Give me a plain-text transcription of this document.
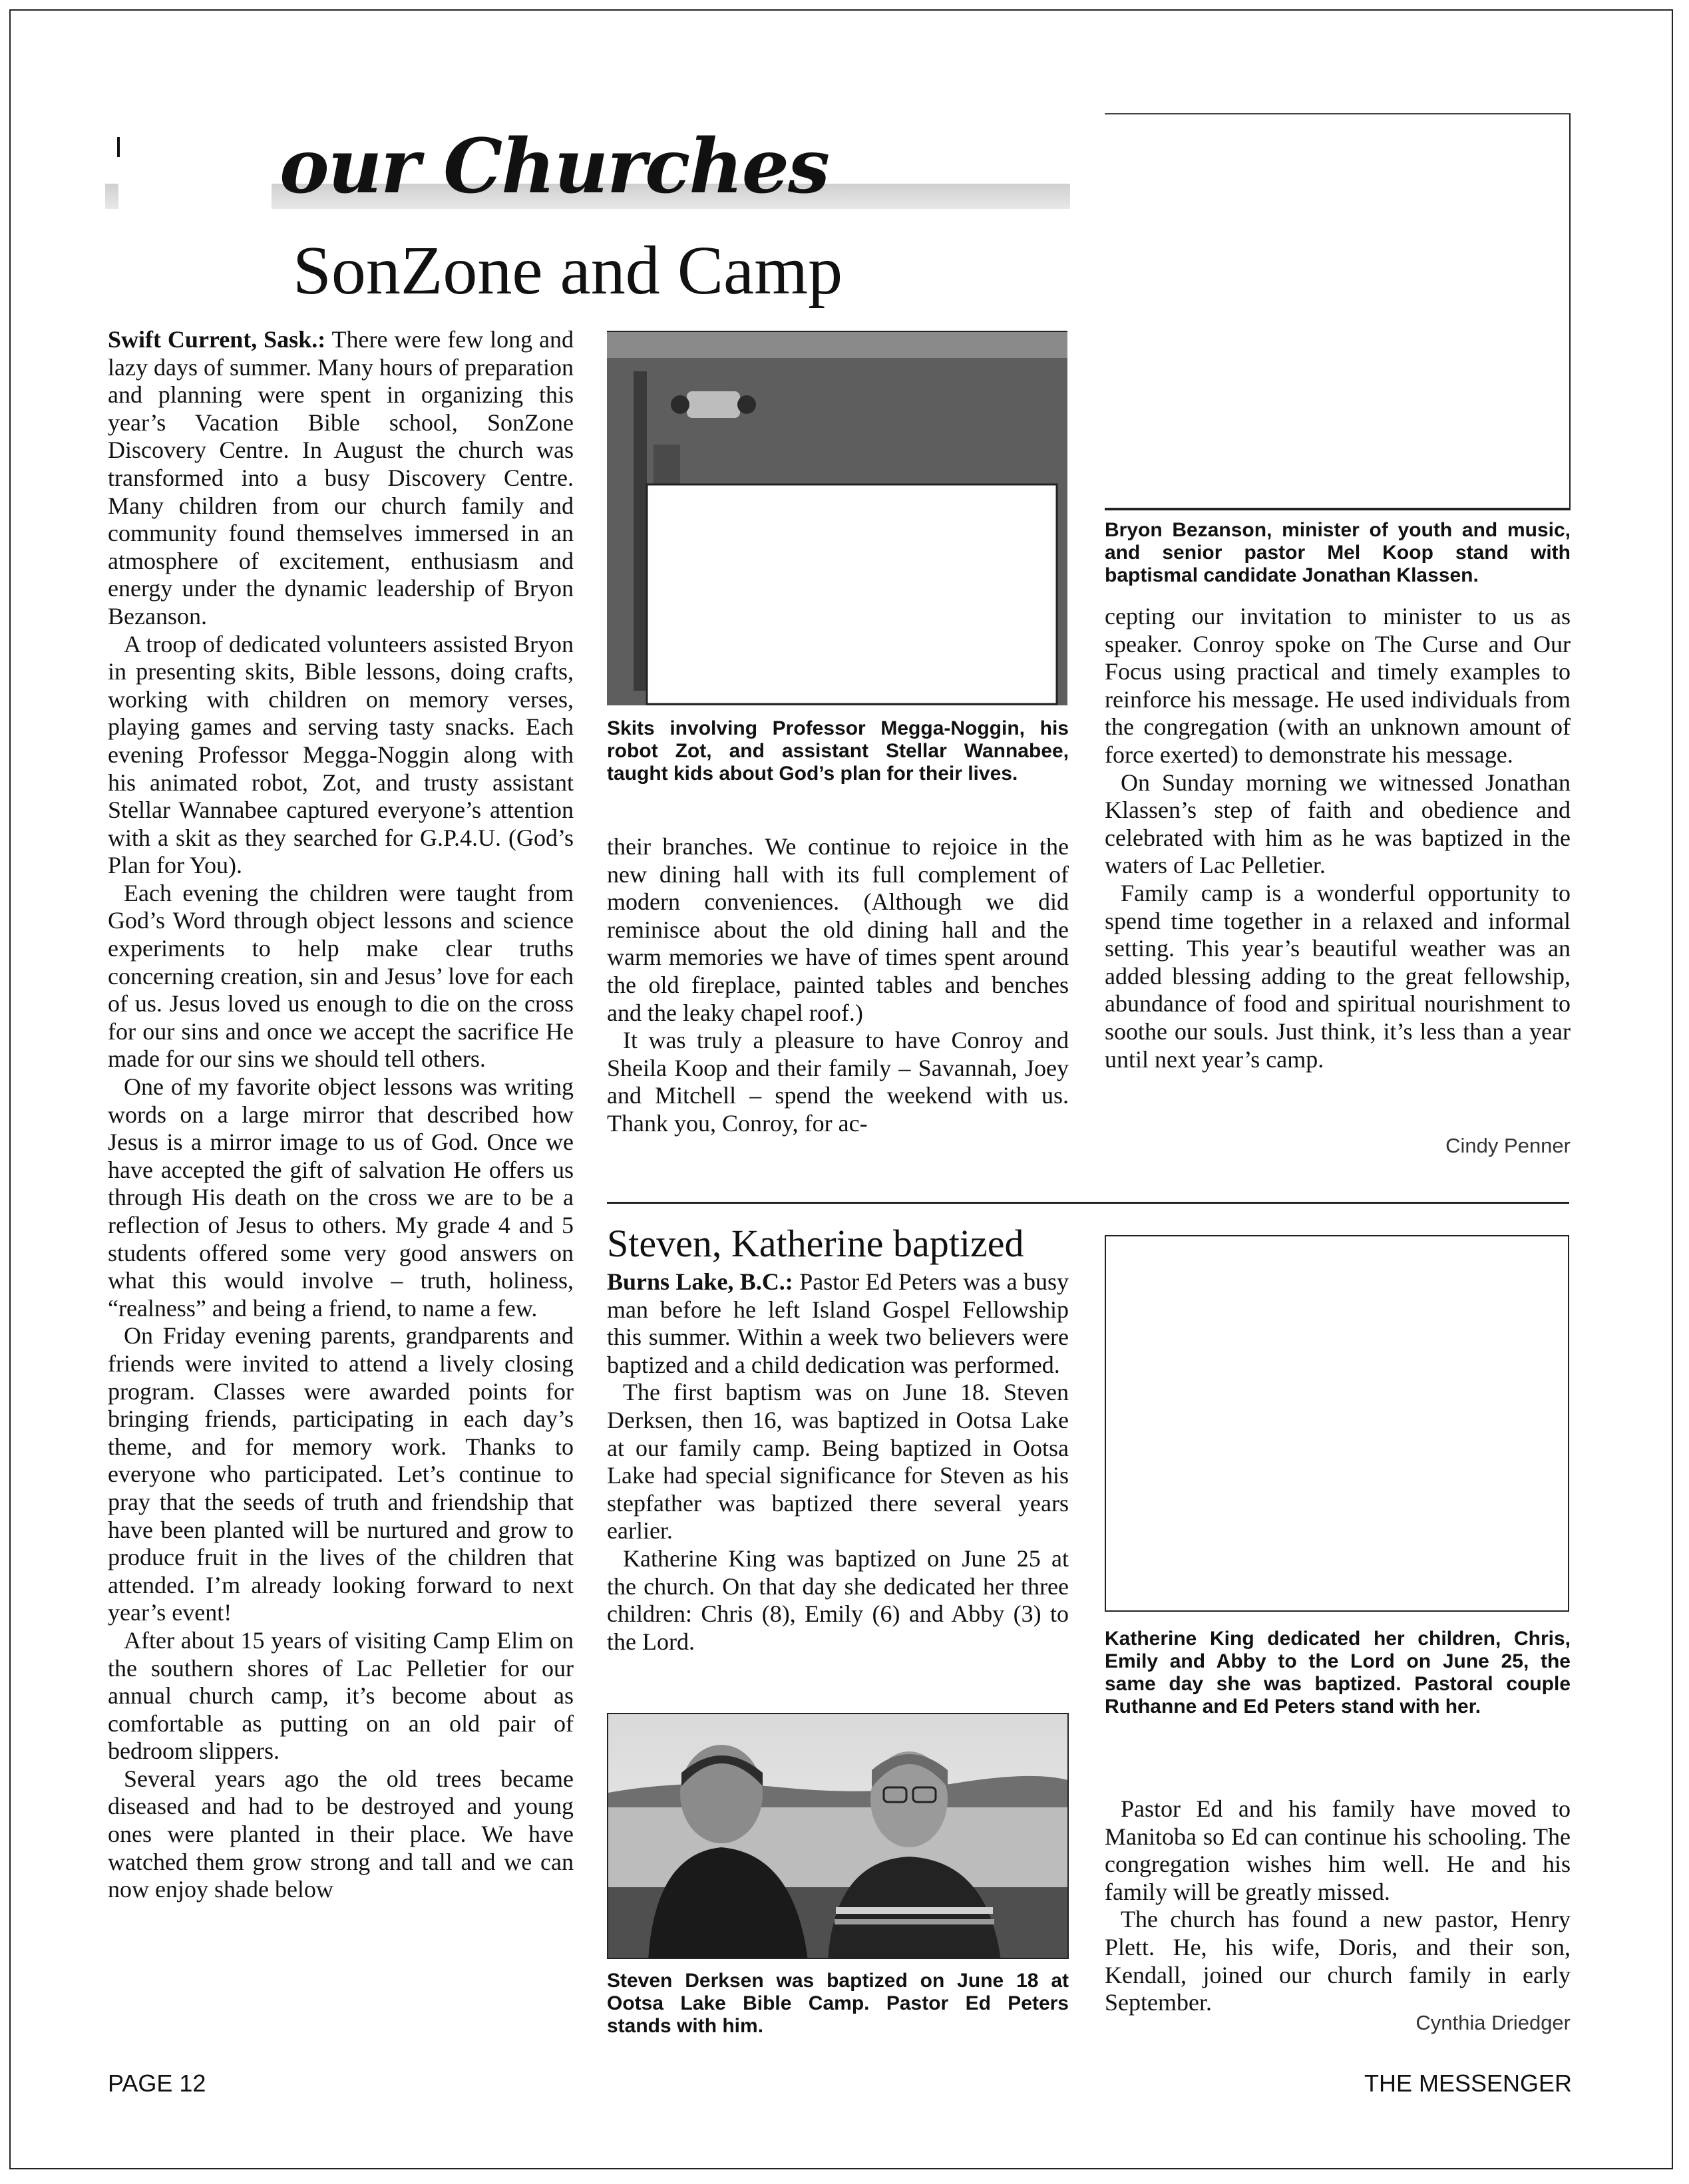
our Churches
SonZone and Camp

Swift Current, Sask.: There were few long and lazy days of summer. Many hours of preparation and planning were spent in organizing this year’s Vacation Bible school, SonZone Discovery Centre. In August the church was transformed into a busy Discovery Centre. Many children from our church family and community found themselves immersed in an atmosphere of excitement, enthusiasm and energy under the dynamic leadership of Bryon Bezanson.

A troop of dedicated volunteers assisted Bryon in presenting skits, Bible lessons, doing crafts, working with children on memory verses, playing games and serving tasty snacks. Each evening Professor Megga-Noggin along with his animated robot, Zot, and trusty assistant Stellar Wannabee captured everyone’s attention with a skit as they searched for G.P.4.U. (God’s Plan for You).

Each evening the children were taught from God’s Word through object lessons and science experiments to help make clear truths concerning creation, sin and Jesus’ love for each of us. Jesus loved us enough to die on the cross for our sins and once we accept the sacrifice He made for our sins we should tell others.

One of my favorite object lessons was writing words on a large mirror that described how Jesus is a mirror image to us of God. Once we have accepted the gift of salvation He offers us through His death on the cross we are to be a reflection of Jesus to others. My grade 4 and 5 students offered some very good answers on what this would involve – truth, holiness, “realness” and being a friend, to name a few.

On Friday evening parents, grandparents and friends were invited to attend a lively closing program. Classes were awarded points for bringing friends, participating in each day’s theme, and for memory work. Thanks to everyone who participated. Let’s continue to pray that the seeds of truth and friendship that have been planted will be nurtured and grow to produce fruit in the lives of the children that attended. I’m already looking forward to next year’s event!

After about 15 years of visiting Camp Elim on the southern shores of Lac Pelletier for our annual church camp, it’s become about as comfortable as putting on an old pair of bedroom slippers.

Several years ago the old trees became diseased and had to be destroyed and young ones were planted in their place. We have watched them grow strong and tall and we can now enjoy shade below

Skits involving Professor Megga-Noggin, his robot Zot, and assistant Stellar Wannabee, taught kids about God’s plan for their lives.

their branches. We continue to rejoice in the new dining hall with its full complement of modern conveniences. (Although we did reminisce about the old dining hall and the warm memories we have of times spent around the old fireplace, painted tables and benches and the leaky chapel roof.)

It was truly a pleasure to have Conroy and Sheila Koop and their family – Savannah, Joey and Mitchell – spend the weekend with us. Thank you, Conroy, for ac-

Bryon Bezanson, minister of youth and music, and senior pastor Mel Koop stand with baptismal candidate Jonathan Klassen.

cepting our invitation to minister to us as speaker. Conroy spoke on The Curse and Our Focus using practical and timely examples to reinforce his message. He used individuals from the congregation (with an unknown amount of force exerted) to demonstrate his message.

On Sunday morning we witnessed Jonathan Klassen’s step of faith and obedience and celebrated with him as he was baptized in the waters of Lac Pelletier.

Family camp is a wonderful opportunity to spend time together in a relaxed and informal setting. This year’s beautiful weather was an added blessing adding to the great fellowship, abundance of food and spiritual nourishment to soothe our souls. Just think, it’s less than a year until next year’s camp.

Cindy Penner
Steven, Katherine baptized

Burns Lake, B.C.: Pastor Ed Peters was a busy man before he left Island Gospel Fellowship this summer. Within a week two believers were baptized and a child dedication was performed.

The first baptism was on June 18. Steven Derksen, then 16, was baptized in Ootsa Lake at our family camp. Being baptized in Ootsa Lake had special significance for Steven as his stepfather was baptized there several years earlier.

Katherine King was baptized on June 25 at the church. On that day she dedicated her three children: Chris (8), Emily (6) and Abby (3) to the Lord.

Steven Derksen was baptized on June 18 at Ootsa Lake Bible Camp. Pastor Ed Peters stands with him.
Katherine King dedicated her children, Chris, Emily and Abby to the Lord on June 25, the same day she was baptized. Pastoral couple Ruthanne and Ed Peters stand with her.

Pastor Ed and his family have moved to Manitoba so Ed can continue his schooling. The congregation wishes him well. He and his family will be greatly missed.

The church has found a new pastor, Henry Plett. He, his wife, Doris, and their son, Kendall, joined our church family in early September.

Cynthia Driedger
PAGE 12	THE MESSENGER
